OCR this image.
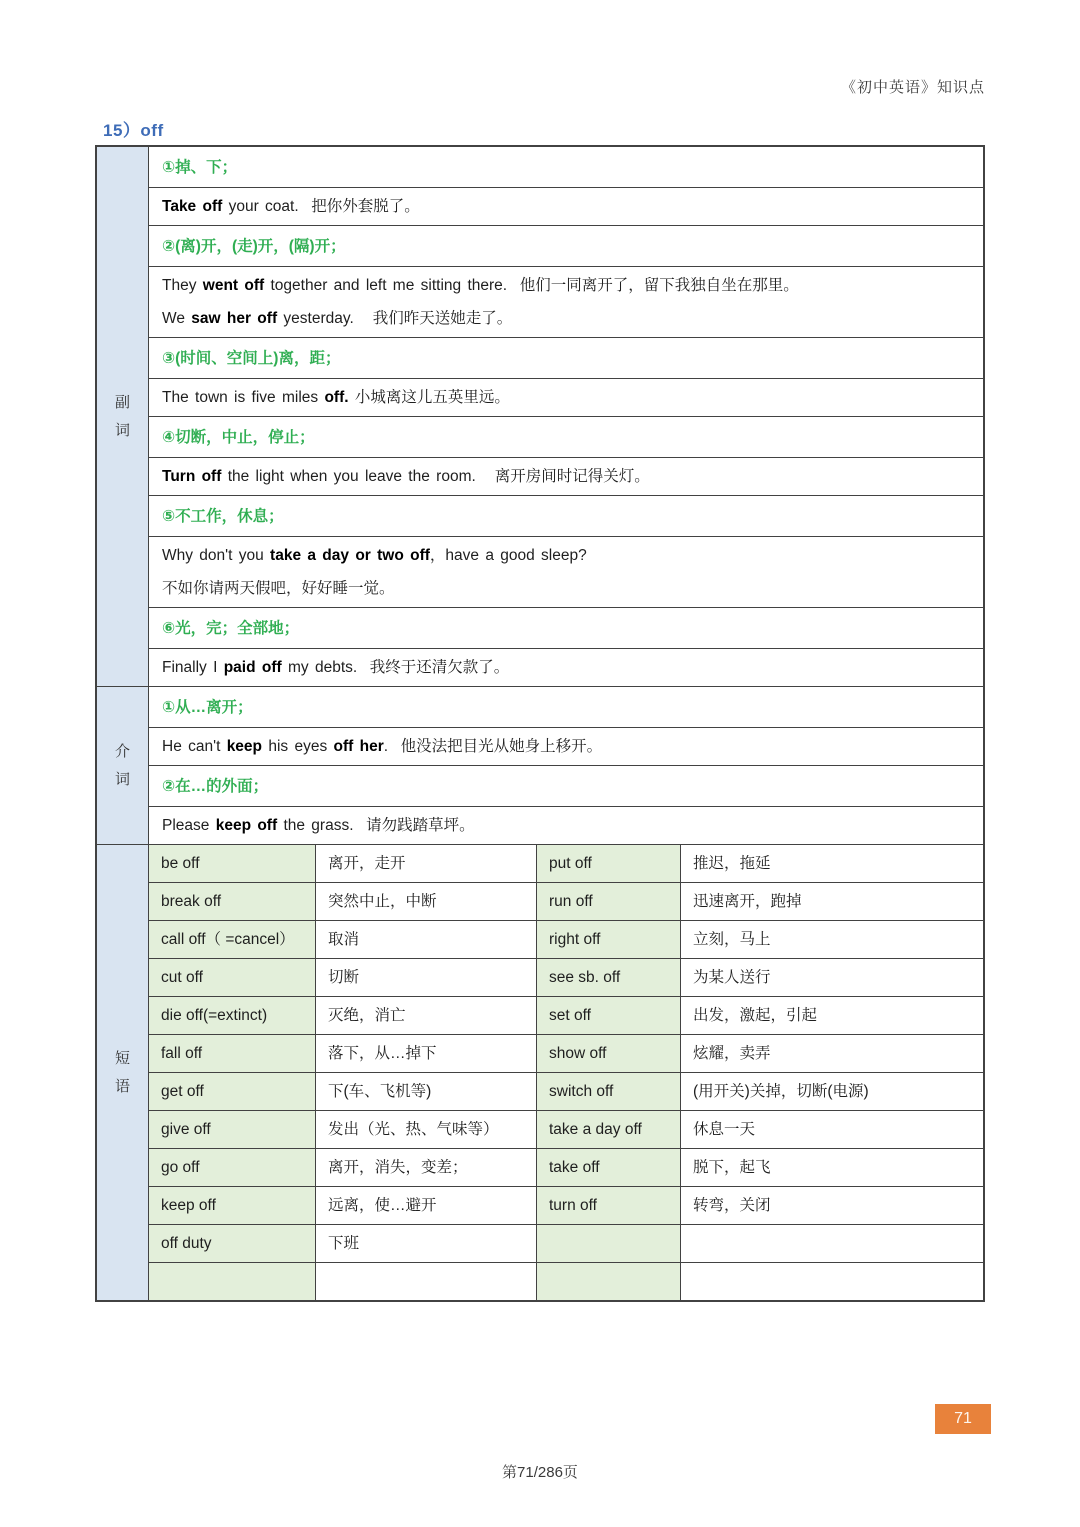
《初中英语》知识点
15）off
副
词
①掉、下；
Take off your coat.  把你外套脱了。
②(离)开，(走)开，(隔)开；
They went off together and left me sitting there.  他们一同离开了，留下我独自坐在那里。
We saw her off yesterday.   我们昨天送她走了。
③(时间、空间上)离，距；
The town is five miles off. 小城离这儿五英里远。
④切断，中止，停止；
Turn off the light when you leave the room.   离开房间时记得关灯。
⑤不工作，休息；
Why don't you take a day or two off，have a good sleep?
不如你请两天假吧，好好睡一觉。
⑥光，完；全部地；
Finally I paid off my debts.  我终于还清欠款了。
介
词
①从…离开；
He can't keep his eyes off her.  他没法把目光从她身上移开。
②在…的外面；
Please keep off the grass.  请勿践踏草坪。
短
语
be off	离开，走开	put off	推迟，拖延
break off	突然中止，中断	run off	迅速离开，跑掉
call off（ =cancel）	取消	right off	立刻，马上
cut off	切断	see sb. off	为某人送行
die off(=extinct)	灭绝，消亡	set off	出发，激起，引起
fall off	落下，从…掉下	show off	炫耀，卖弄
get off	下(车、飞机等)	switch off	(用开关)关掉，切断(电源)
give off	发出（光、热、气味等）	take a day off	休息一天
go off	离开，消失，变差；	take off	脱下，起飞
keep off	远离，使…避开	turn off	转弯，关闭
off duty	下班
71
第71/286页
